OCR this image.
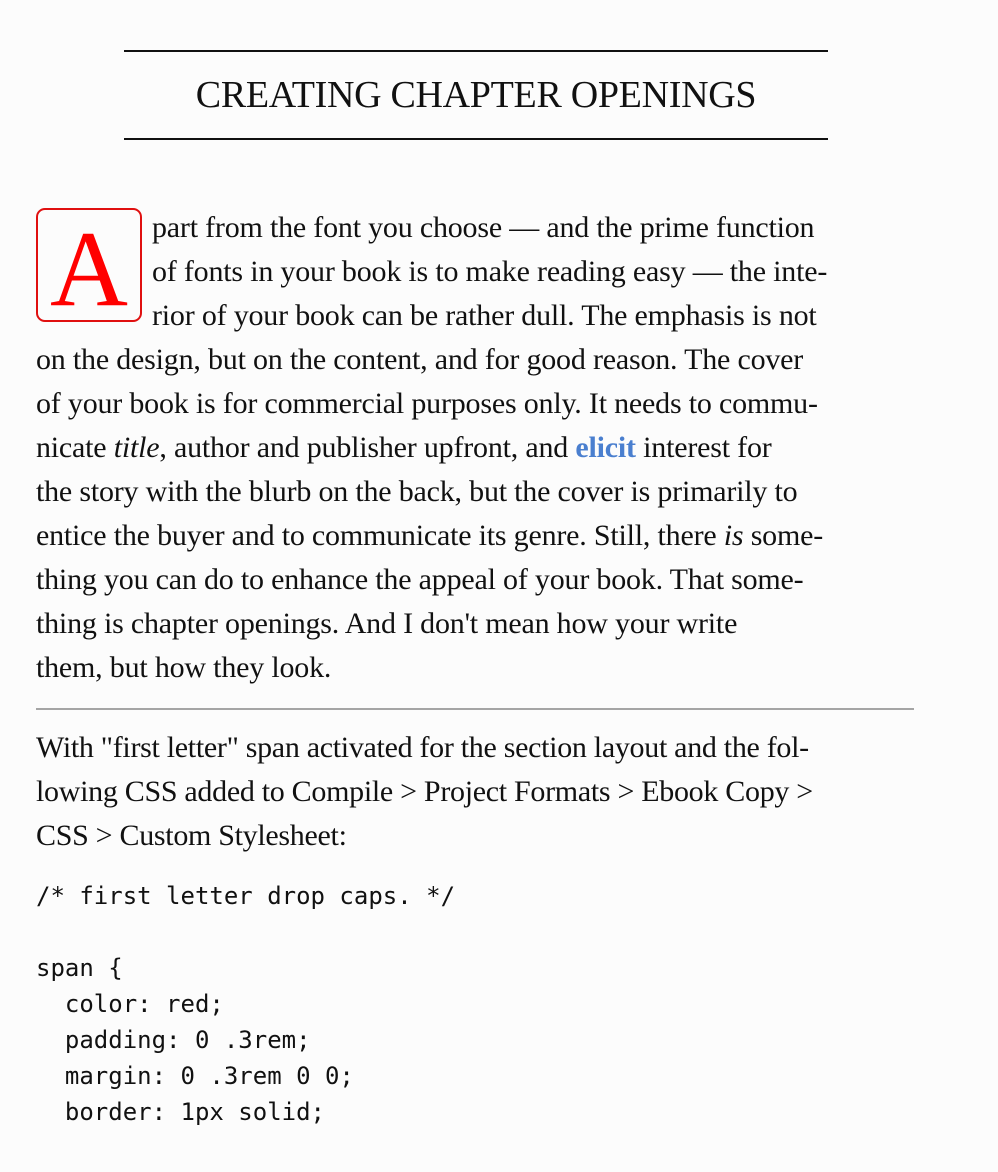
CREATING CHAPTER OPENINGS
A part from the font you choose — and the prime function
of fonts in your book is to make reading easy — the inte-
rior of your book can be rather dull. The emphasis is not
on the design, but on the content, and for good reason. The cover
of your book is for commercial purposes only. It needs to commu-
nicate title, author and publisher upfront, and elicit interest for
the story with the blurb on the back, but the cover is primarily to
entice the buyer and to communicate its genre. Still, there is some-
thing you can do to enhance the appeal of your book. That some-
thing is chapter openings. And I don't mean how your write
them, but how they look.

With "first letter" span activated for the section layout and the fol-
lowing CSS added to Compile > Project Formats > Ebook Copy >
CSS > Custom Stylesheet:

/* first letter drop caps. */
span {
color: red;
padding: 0 .3rem;
margin: 0 .3rem 0 0;
border: 1px solid;
